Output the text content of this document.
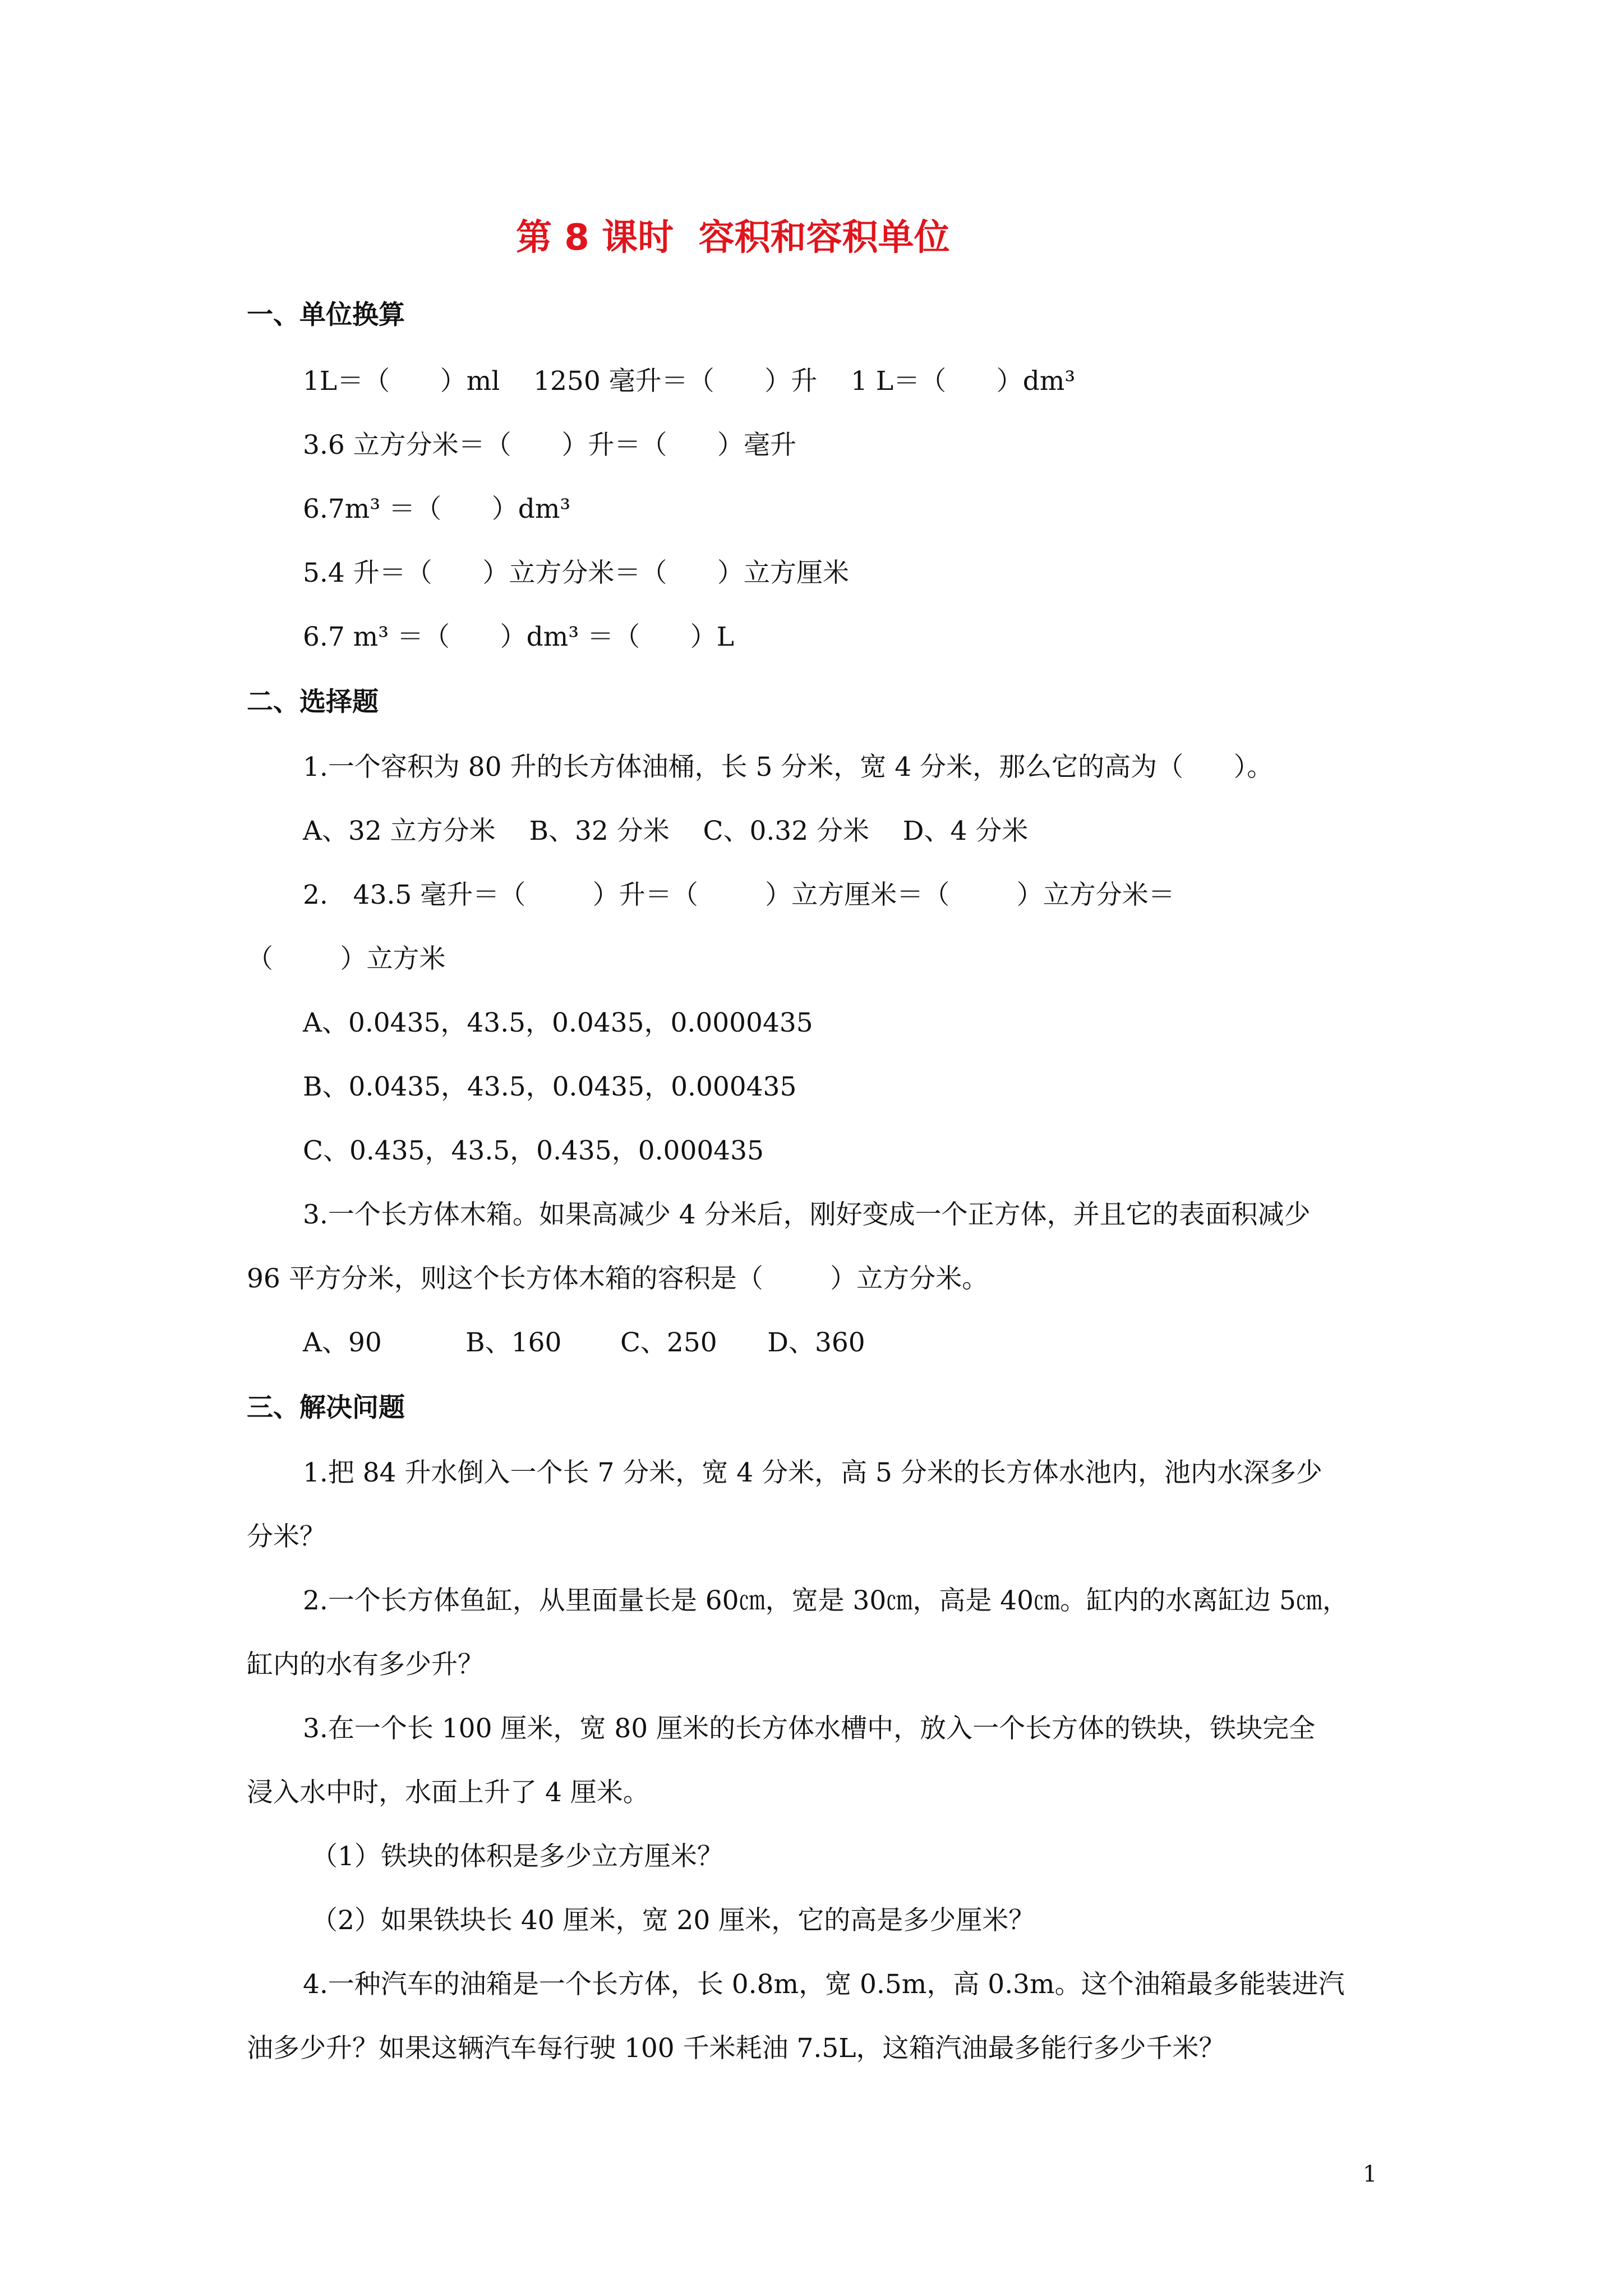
第 8 课时  容积和容积单位
一、单位换算
1L＝（      ）ml    1250 毫升＝（      ）升    1 L＝（      ）dm³
3.6 立方分米＝（      ）升＝（      ）毫升
6.7m³ ＝（      ）dm³
5.4 升＝（      ）立方分米＝（      ）立方厘米
6.7 m³ ＝（      ）dm³ ＝（      ）L
二、选择题
1.一个容积为 80 升的长方体油桶，长 5 分米，宽 4 分米，那么它的高为（      ）。
A、32 立方分米    B、32 分米    C、0.32 分米    D、4 分米
2.   43.5 毫升＝（        ）升＝（        ）立方厘米＝（        ）立方分米＝
（        ）立方米
A、0.0435，43.5，0.0435，0.0000435
B、0.0435，43.5，0.0435，0.000435
C、0.435，43.5，0.435，0.000435
3.一个长方体木箱。如果高减少 4 分米后，刚好变成一个正方体，并且它的表面积减少
96 平方分米，则这个长方体木箱的容积是（        ）立方分米。
A、90          B、160       C、250      D、360
三、解决问题
1.把 84 升水倒入一个长 7 分米，宽 4 分米，高 5 分米的长方体水池内，池内水深多少
分米？
2.一个长方体鱼缸，从里面量长是 60㎝，宽是 30㎝，高是 40㎝。缸内的水离缸边 5㎝，
缸内的水有多少升？
3.在一个长 100 厘米，宽 80 厘米的长方体水槽中，放入一个长方体的铁块，铁块完全
浸入水中时，水面上升了 4 厘米。
（1）铁块的体积是多少立方厘米？
（2）如果铁块长 40 厘米，宽 20 厘米，它的高是多少厘米？
4.一种汽车的油箱是一个长方体，长 0.8m，宽 0.5m，高 0.3m。这个油箱最多能装进汽
油多少升？如果这辆汽车每行驶 100 千米耗油 7.5L，这箱汽油最多能行多少千米？
1
